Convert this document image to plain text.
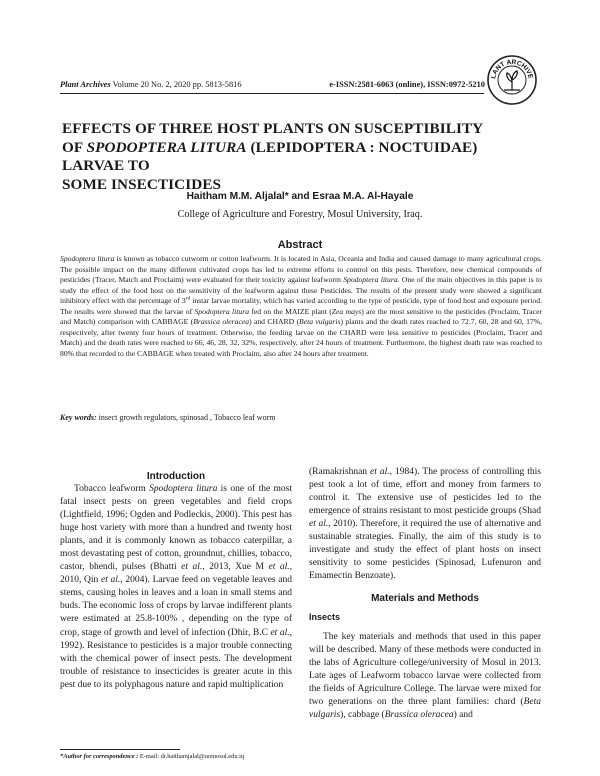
Plant Archives Volume 20 No. 2, 2020 pp. 5813-5816	e-ISSN:2581-6063 (online), ISSN:0972-5210
LANT ARCHIVE
EFFECTS OF THREE HOST PLANTS ON SUSCEPTIBILITY
OF SPODOPTERA LITURA (LEPIDOPTERA : NOCTUIDAE) LARVAE TO
SOME INSECTICIDES
Haitham M.M. Aljalal* and Esraa M.A. Al-Hayale
College of Agriculture and Forestry, Mosul University, Iraq.
Abstract
Spodoptera litura is known as tobacco cutworm or cotton leafworm. It is located in Asia, Oceania and India and caused damage to many agricultural crops. The possible impact on the many different cultivated crops has led to extreme efforts to control on this pests. Therefore, new chemical compounds of pesticides (Tracer, Match and Proclaim) were evaluated for their toxicity against leafworm Spodoptera litura. One of the main objectives in this paper is to study the effect of the food host on the sensitivity of the leafworm against these Pesticides. The results of the present study were showed a significant inhibitory effect with the percentage of 3rd instar larvae mortality, which has varied according to the type of pesticide, type of food host and exposure period. The results were showed that the larvae of Spodoptera litura fed on the MAIZE plant (Zea mays) are the most sensitive to the pesticides (Proclaim, Tracer and Match) comparison with CABBAGE (Brassica oleracea) and CHARD (Beta vulgaris) plants and the death rates reached to 72.7, 60, 28 and 60, 17%, respectively, after twenty four hours of treatment. Otherwise, the feeding larvae on the CHARD were less sensitive to pesticides (Proclaim, Tracer and Match) and the death rates were reached to 66, 46, 28, 32, 32%, respectively, after 24 hours of treatment. Furthermore, the highest death rate was reached to 80% that recorded to the CABBAGE when treated with Proclaim, also after 24 hours after treatment.
Key words: insect growth regulators, spinosad , Tobacco leaf worm
Introduction

Tobacco leafworm Spodoptera litura is one of the most fatal insect pests on green vegetables and field crops (Lightfield, 1996; Ogden and Podleckis, 2000). This pest has huge host variety with more than a hundred and twenty host plants, and it is commonly known as tobacco caterpillar, a most devastating pest of cotton, groundnut, chillies, tobacco, castor, bhendi, pulses (Bhatti et al., 2013, Xue M et al., 2010, Qin et al., 2004). Larvae feed on vegetable leaves and stems, causing holes in leaves and a loan in small stems and buds. The economic loss of crops by larvae indifferent plants were estimated at 25.8-100% , depending on the type of crop, stage of growth and level of infection (Dhir, B.C et al., 1992). Resistance to pesticides is a major trouble connecting with the chemical power of insect pests. The development trouble of resistance to insecticides is greater acute in this pest due to its polyphagous nature and rapid multiplication

(Ramakrishnan et al., 1984). The process of controlling this pest took a lot of time, effort and money from farmers to control it. The extensive use of pesticides led to the emergence of strains resistant to most pesticide groups (Shad et al., 2010). Therefore, it required the use of alternative and sustainable strategies. Finally, the aim of this study is to investigate and study the effect of plant hosts on insect sensitivity to some pesticides (Spinosad, Lufenuron and Emamectin Benzoate).

Materials and Methods
Insects

The key materials and methods that used in this paper will be described. Many of these methods were conducted in the labs of Agriculture college/university of Mosul in 2013. Late ages of Leafworm tobacco larvae were collected from the fields of Agriculture College. The larvae were mixed for two generations on the three plant families: chard (Beta vulgaris), cabbage (Brassica oleracea) and

*Author for correspondence : E-mail: dr.haithamjalal@uomosul.edu.iq
